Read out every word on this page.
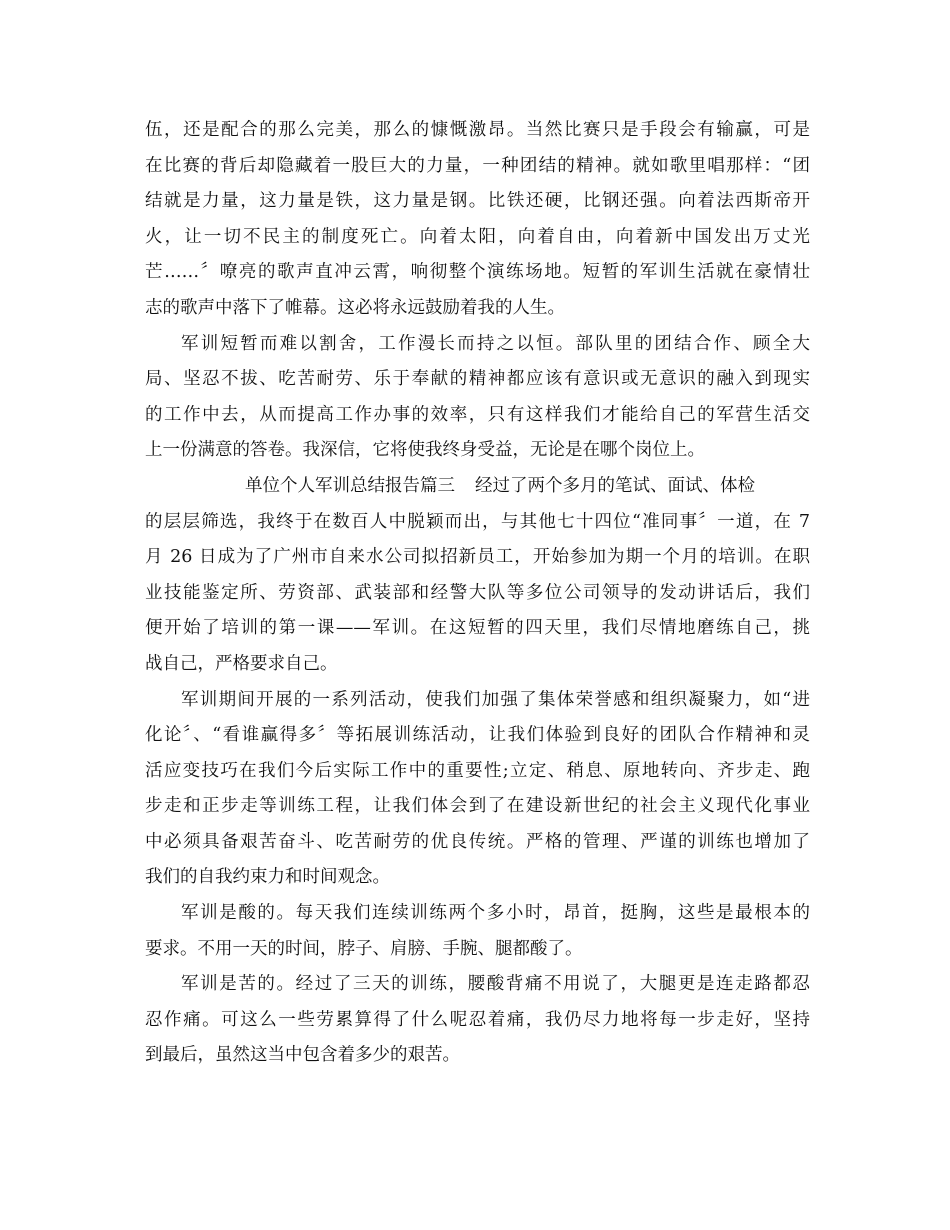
伍，还是配合的那么完美，那么的慷慨激昂。当然比赛只是手段会有输赢，可是
在比赛的背后却隐藏着一股巨大的力量，一种团结的精神。就如歌里唱那样：“团
结就是力量，这力量是铁，这力量是钢。比铁还硬，比钢还强。向着法西斯帝开
火，让一切不民主的制度死亡。向着太阳，向着自由，向着新中国发出万丈光
芒……〞嘹亮的歌声直冲云霄，响彻整个演练场地。短暂的军训生活就在豪情壮
志的歌声中落下了帷幕。这必将永远鼓励着我的人生。
军训短暂而难以割舍，工作漫长而持之以恒。部队里的团结合作、顾全大
局、坚忍不拔、吃苦耐劳、乐于奉献的精神都应该有意识或无意识的融入到现实
的工作中去，从而提高工作办事的效率，只有这样我们才能给自己的军营生活交
上一份满意的答卷。我深信，它将使我终身受益，无论是在哪个岗位上。
单位个人军训总结报告篇三 经过了两个多月的笔试、面试、体检
的层层筛选，我终于在数百人中脱颖而出，与其他七十四位“准同事〞一道，在 7
月 26 日成为了广州市自来水公司拟招新员工，开始参加为期一个月的培训。在职
业技能鉴定所、劳资部、武装部和经警大队等多位公司领导的发动讲话后，我们
便开始了培训的第一课——军训。在这短暂的四天里，我们尽情地磨练自己，挑
战自己，严格要求自己。
军训期间开展的一系列活动，使我们加强了集体荣誉感和组织凝聚力，如“进
化论〞、“看谁赢得多〞等拓展训练活动，让我们体验到良好的团队合作精神和灵
活应变技巧在我们今后实际工作中的重要性;立定、稍息、原地转向、齐步走、跑
步走和正步走等训练工程，让我们体会到了在建设新世纪的社会主义现代化事业
中必须具备艰苦奋斗、吃苦耐劳的优良传统。严格的管理、严谨的训练也增加了
我们的自我约束力和时间观念。
军训是酸的。每天我们连续训练两个多小时，昂首，挺胸，这些是最根本的
要求。不用一天的时间，脖子、肩膀、手腕、腿都酸了。
军训是苦的。经过了三天的训练，腰酸背痛不用说了，大腿更是连走路都忍
忍作痛。可这么一些劳累算得了什么呢忍着痛，我仍尽力地将每一步走好，坚持
到最后，虽然这当中包含着多少的艰苦。
